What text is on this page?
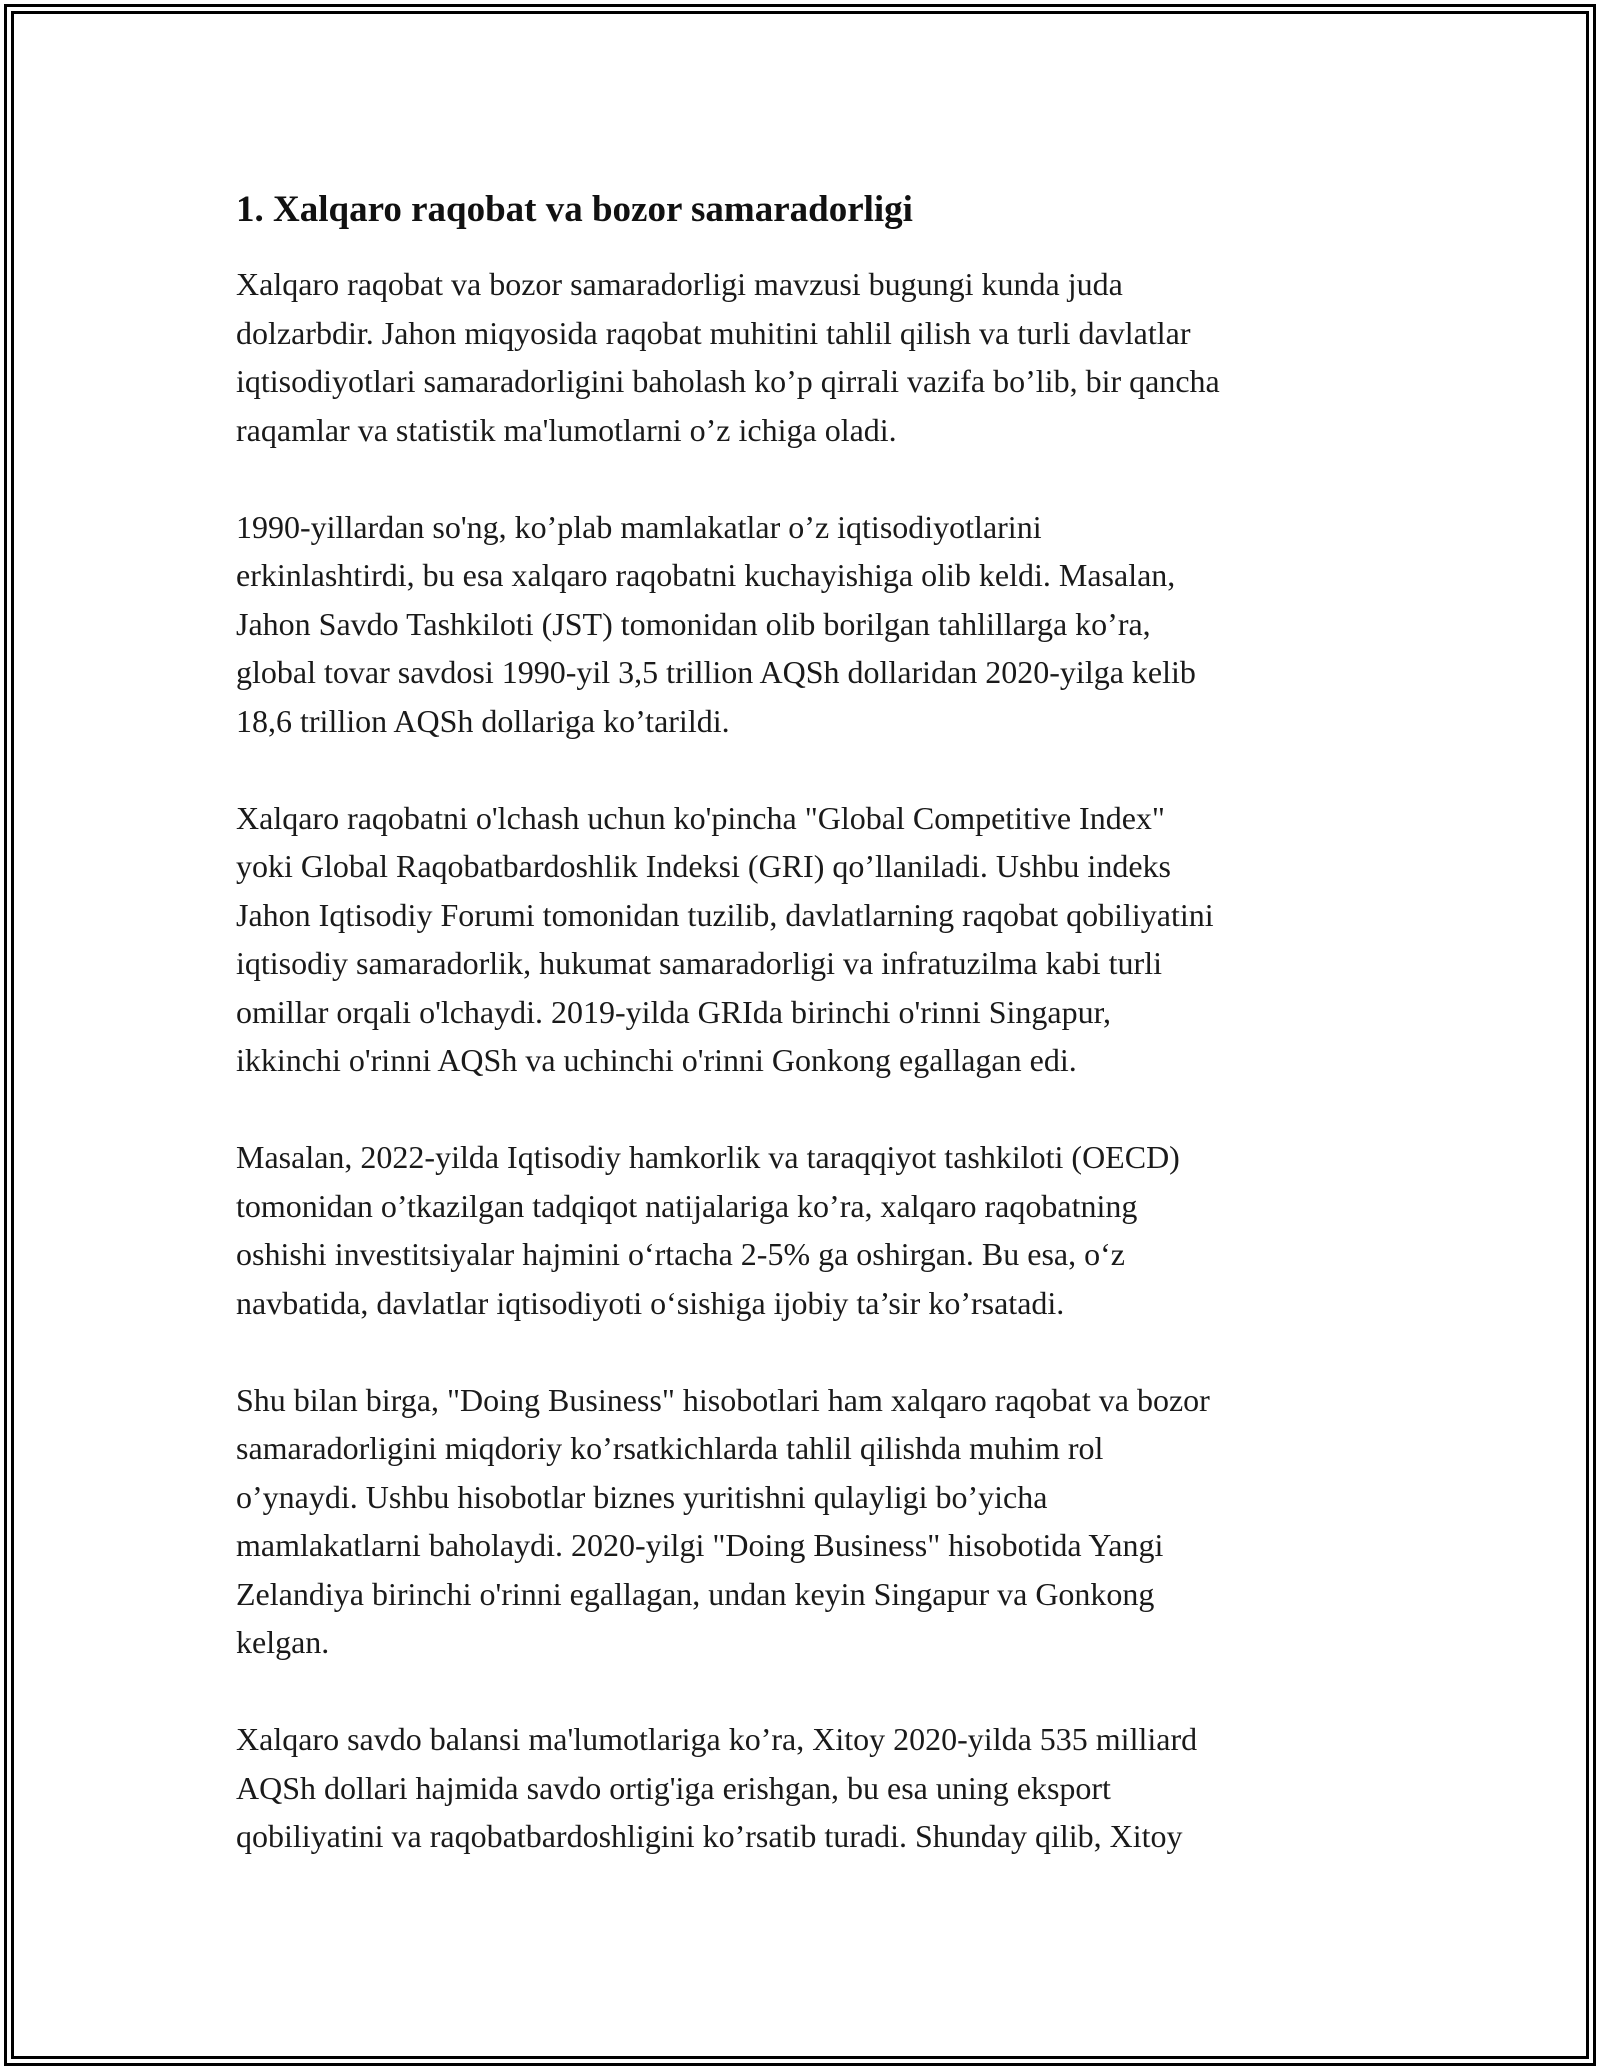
1. Xalqaro raqobat va bozor samaradorligi

Xalqaro raqobat va bozor samaradorligi mavzusi bugungi kunda juda
dolzarbdir. Jahon miqyosida raqobat muhitini tahlil qilish va turli davlatlar
iqtisodiyotlari samaradorligini baholash ko’p qirrali vazifa bo’lib, bir qancha
raqamlar va statistik ma'lumotlarni o’z ichiga oladi.

1990-yillardan so'ng, ko’plab mamlakatlar o’z iqtisodiyotlarini
erkinlashtirdi, bu esa xalqaro raqobatni kuchayishiga olib keldi. Masalan,
Jahon Savdo Tashkiloti (JST) tomonidan olib borilgan tahlillarga ko’ra,
global tovar savdosi 1990-yil 3,5 trillion AQSh dollaridan 2020-yilga kelib
18,6 trillion AQSh dollariga ko’tarildi.

Xalqaro raqobatni o'lchash uchun ko'pincha "Global Competitive Index"
yoki Global Raqobatbardoshlik Indeksi (GRI) qo’llaniladi. Ushbu indeks
Jahon Iqtisodiy Forumi tomonidan tuzilib, davlatlarning raqobat qobiliyatini
iqtisodiy samaradorlik, hukumat samaradorligi va infratuzilma kabi turli
omillar orqali o'lchaydi. 2019-yilda GRIda birinchi o'rinni Singapur,
ikkinchi o'rinni AQSh va uchinchi o'rinni Gonkong egallagan edi.

Masalan, 2022-yilda Iqtisodiy hamkorlik va taraqqiyot tashkiloti (OECD)
tomonidan o’tkazilgan tadqiqot natijalariga ko’ra, xalqaro raqobatning
oshishi investitsiyalar hajmini o‘rtacha 2-5% ga oshirgan. Bu esa, o‘z
navbatida, davlatlar iqtisodiyoti o‘sishiga ijobiy ta’sir ko’rsatadi.

Shu bilan birga, "Doing Business" hisobotlari ham xalqaro raqobat va bozor
samaradorligini miqdoriy ko’rsatkichlarda tahlil qilishda muhim rol
o’ynaydi. Ushbu hisobotlar biznes yuritishni qulayligi bo’yicha
mamlakatlarni baholaydi. 2020-yilgi "Doing Business" hisobotida Yangi
Zelandiya birinchi o'rinni egallagan, undan keyin Singapur va Gonkong
kelgan.

Xalqaro savdo balansi ma'lumotlariga ko’ra, Xitoy 2020-yilda 535 milliard
AQSh dollari hajmida savdo ortig'iga erishgan, bu esa uning eksport
qobiliyatini va raqobatbardoshligini ko’rsatib turadi. Shunday qilib, Xitoy
